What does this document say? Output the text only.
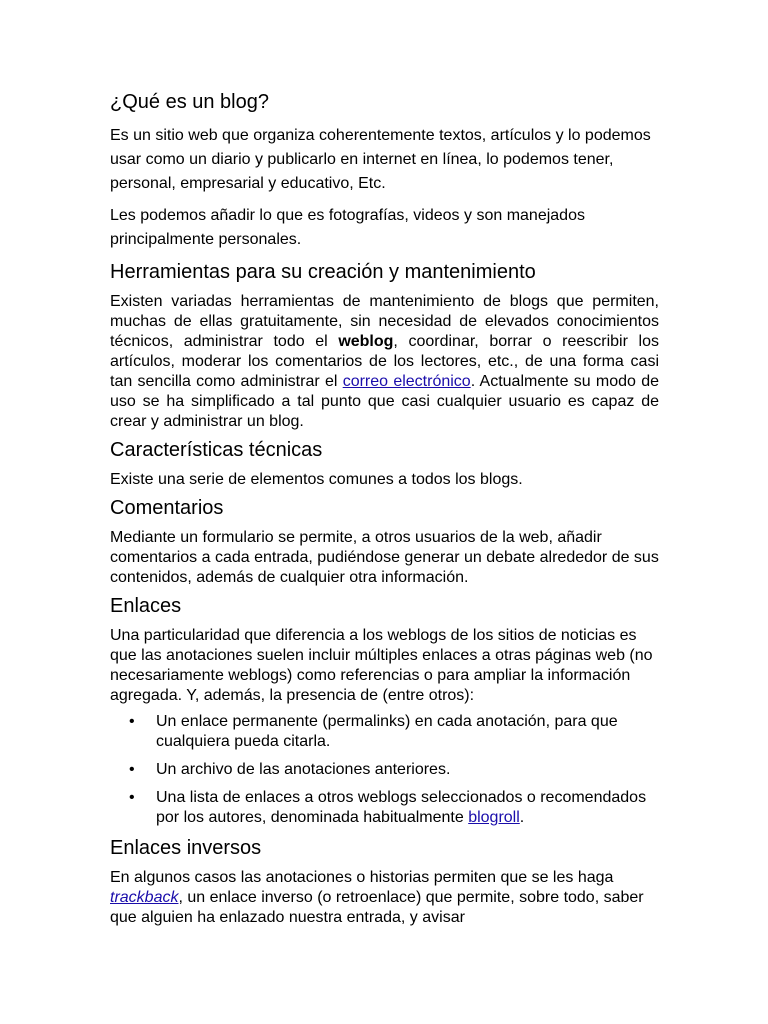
¿Qué es un blog?

Es un sitio web que organiza coherentemente textos, artículos y lo podemos usar como un diario y publicarlo en internet en línea, lo podemos tener, personal, empresarial y educativo, Etc.

Les podemos añadir lo que es fotografías, videos y son manejados principalmente personales.

Herramientas para su creación y mantenimiento

Existen variadas herramientas de mantenimiento de blogs que permiten, muchas de ellas gratuitamente, sin necesidad de elevados conocimientos técnicos, administrar todo el weblog, coordinar, borrar o reescribir los artículos, moderar los comentarios de los lectores, etc., de una forma casi tan sencilla como administrar el correo electrónico. Actualmente su modo de uso se ha simplificado a tal punto que casi cualquier usuario es capaz de crear y administrar un blog.

Características técnicas

Existe una serie de elementos comunes a todos los blogs.

Comentarios

Mediante un formulario se permite, a otros usuarios de la web, añadir comentarios a cada entrada, pudiéndose generar un debate alrededor de sus contenidos, además de cualquier otra información.

Enlaces

Una particularidad que diferencia a los weblogs de los sitios de noticias es que las anotaciones suelen incluir múltiples enlaces a otras páginas web (no necesariamente weblogs) como referencias o para ampliar la información agregada. Y, además, la presencia de (entre otros):

• Un enlace permanente (permalinks) en cada anotación, para que cualquiera pueda citarla.
• Un archivo de las anotaciones anteriores.
• Una lista de enlaces a otros weblogs seleccionados o recomendados por los autores, denominada habitualmente blogroll.
Enlaces inversos

En algunos casos las anotaciones o historias permiten que se les haga trackback, un enlace inverso (o retroenlace) que permite, sobre todo, saber que alguien ha enlazado nuestra entrada, y avisar
